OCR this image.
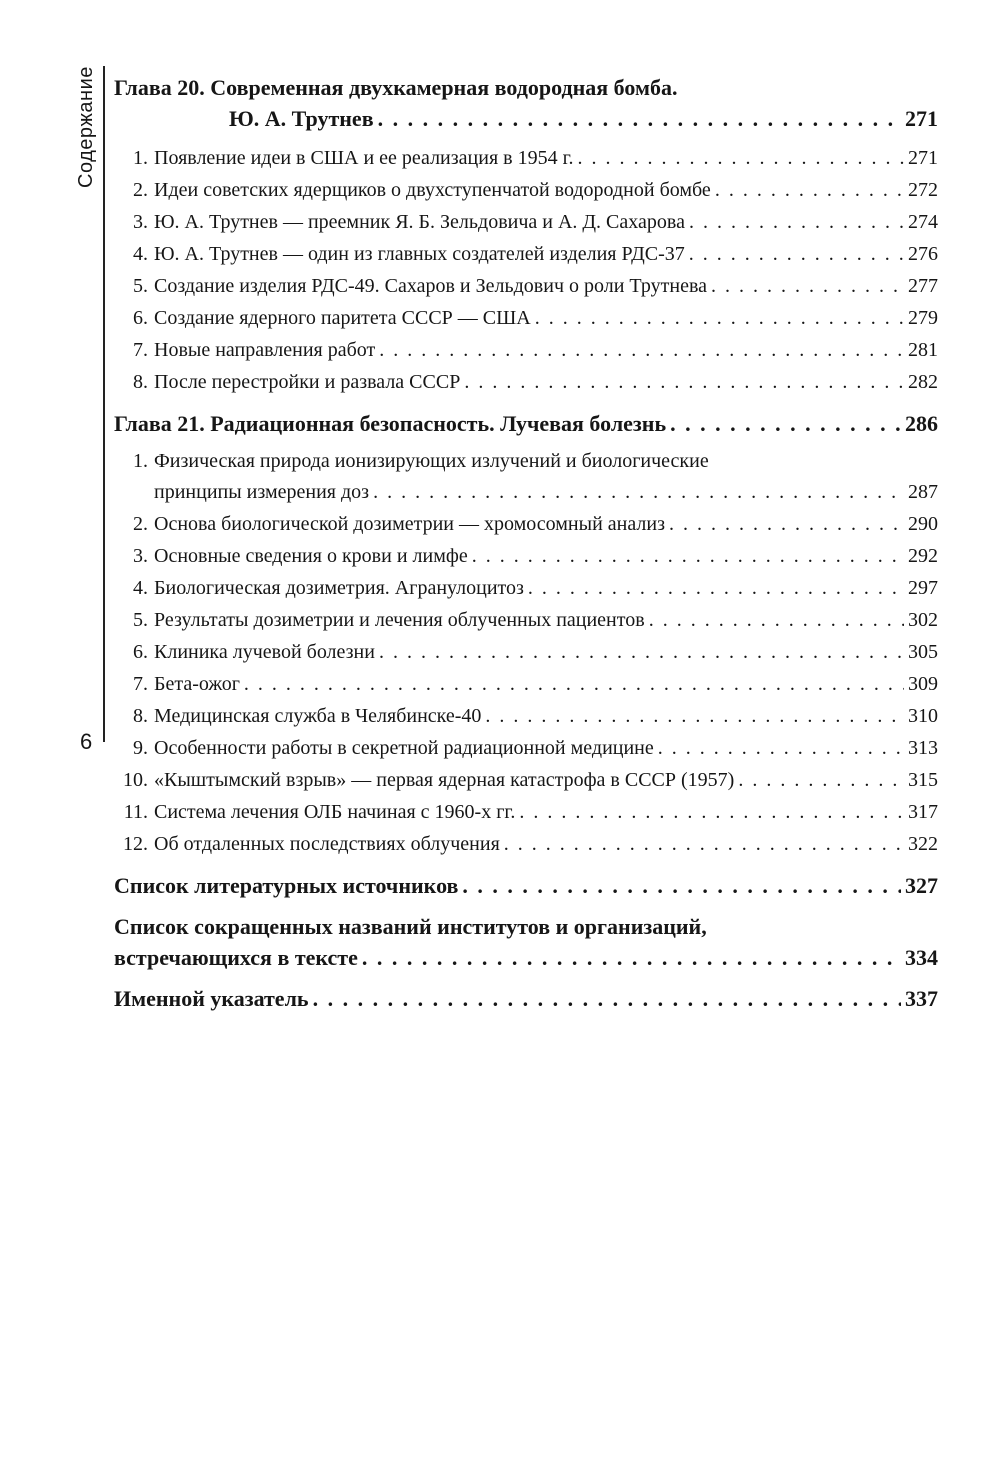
Содержание
6
Глава 20. Современная двухкамерная водородная бомба.
Ю. А. Трутнев . . .	271
1. Появление идеи в США и ее реализация в 1954 г. . . .	271
2. Идеи советских ядерщиков о двухступенчатой водородной бомбе . . .	272
3. Ю. А. Трутнев — преемник Я. Б. Зельдовича и А. Д. Сахарова . . .	274
4. Ю. А. Трутнев — один из главных создателей изделия РДС-37 . . .	276
5. Создание изделия РДС-49. Сахаров и Зельдович о роли Трутнева . . .	277
6. Создание ядерного паритета СССР — США . . .	279
7. Новые направления работ . . .	281
8. После перестройки и развала СССР . . .	282
Глава 21. Радиационная безопасность. Лучевая болезнь . . .	286
1. Физическая природа ионизирующих излучений и биологические
принципы измерения доз . . .	287
2. Основа биологической дозиметрии — хромосомный анализ . . .	290
3. Основные сведения о крови и лимфе . . .	292
4. Биологическая дозиметрия. Агранулоцитоз . . .	297
5. Результаты дозиметрии и лечения облученных пациентов . . .	302
6. Клиника лучевой болезни . . .	305
7. Бета-ожог . . .	309
8. Медицинская служба в Челябинске-40 . . .	310
9. Особенности работы в секретной радиационной медицине . . .	313
10. «Кыштымский взрыв» — первая ядерная катастрофа в СССР (1957) . . .	315
11. Система лечения ОЛБ начиная с 1960-х гг. . . .	317
12. Об отдаленных последствиях облучения . . .	322
Список литературных источников . . .	327
Список сокращенных названий институтов и организаций,
встречающихся в тексте . . .	334
Именной указатель . . .	337
